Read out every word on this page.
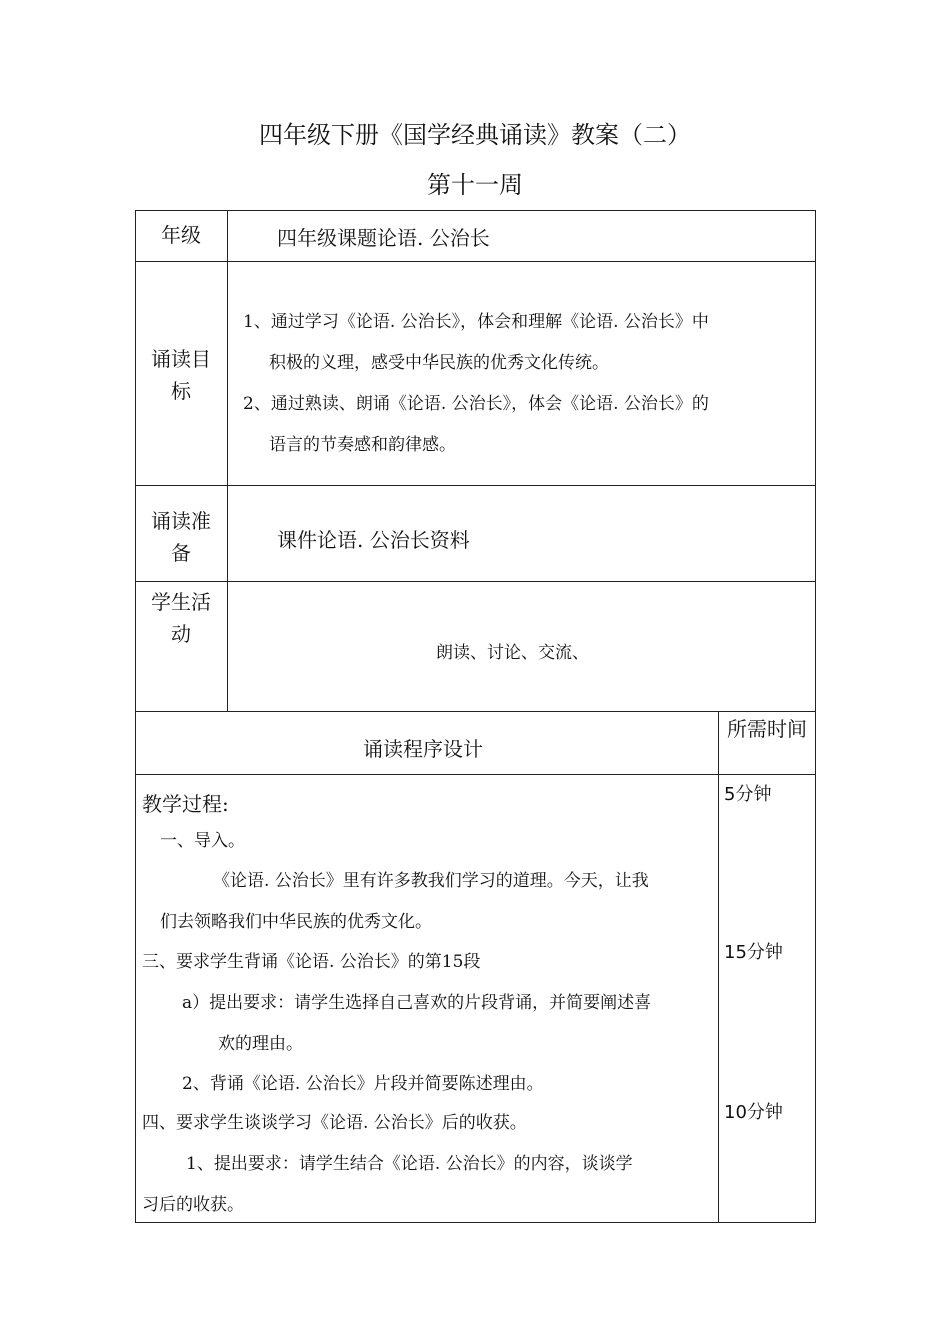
四年级下册《国学经典诵读》教案（二）
第十一周
年级	四年级课题论语. 公治长
诵读目标
1、通过学习《论语. 公治长》，体会和理解《论语. 公治长》中
积极的义理，感受中华民族的优秀文化传统。
2、通过熟读、朗诵《论语. 公治长》，体会《论语. 公治长》的
语言的节奏感和韵律感。
诵读准备
课件论语. 公治长资料
学生活动
朗读、讨论、交流、
诵读程序设计
所需时间
教学过程:
一、导入。
《论语. 公治长》里有许多教我们学习的道理。今天，让我
们去领略我们中华民族的优秀文化。
三、要求学生背诵《论语. 公治长》的第15段
a）提出要求：请学生选择自己喜欢的片段背诵，并简要阐述喜
欢的理由。
2、背诵《论语. 公治长》片段并简要陈述理由。
四、要求学生谈谈学习《论语. 公治长》后的收获。
1、提出要求：请学生结合《论语. 公治长》的内容，谈谈学
习后的收获。
5分钟
15分钟
10分钟
